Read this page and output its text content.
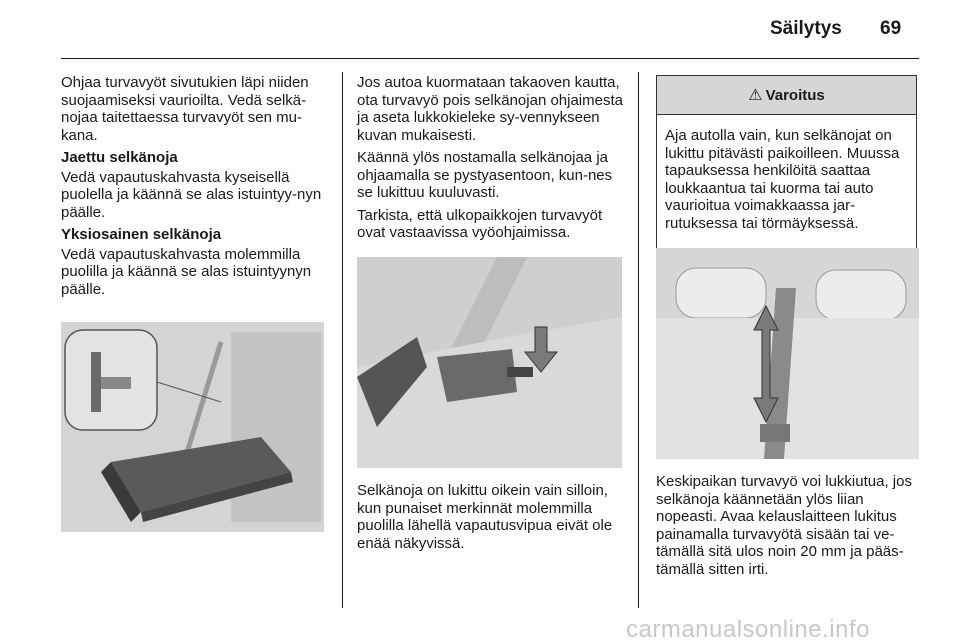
Säilytys 69

Ohjaa turvavyöt sivutukien läpi niiden suojaamiseksi vaurioilta. Vedä selkä-nojaa taitettaessa turvavyöt sen mu-kana.

Jaettu selkänoja

Vedä vapautuskahvasta kyseisellä puolella ja käännä se alas istuintyy-nyn päälle.

Yksiosainen selkänoja

Vedä vapautuskahvasta molemmilla puolilla ja käännä se alas istuintyynyn päälle.

Jos autoa kuormataan takaoven kautta, ota turvavyö pois selkänojan ohjaimesta ja aseta lukkokieleke sy-vennykseen kuvan mukaisesti.

Käännä ylös nostamalla selkänojaa ja ohjaamalla se pystyasentoon, kun-nes se lukittuu kuuluvasti.

Tarkista, että ulkopaikkojen turvavyöt ovat vastaavissa vyöohjaimissa.

Selkänoja on lukittu oikein vain silloin, kun punaiset merkinnät molemmilla puolilla lähellä vapautusvipua eivät ole enää näkyvissä.

⚠ Varoitus
Aja autolla vain, kun selkänojat on lukittu pitävästi paikoilleen. Muussa tapauksessa henkilöitä saattaa loukkaantua tai kuorma tai auto vaurioitua voimakkaassa jar-rutuksessa tai törmäyksessä.

Keskipaikan turvavyö voi lukkiutua, jos selkänoja käännetään ylös liian nopeasti. Avaa kelauslaitteen lukitus painamalla turvavyötä sisään tai ve-tämällä sitä ulos noin 20 mm ja pääs-tämällä sitten irti.

carmanualsonline.info
